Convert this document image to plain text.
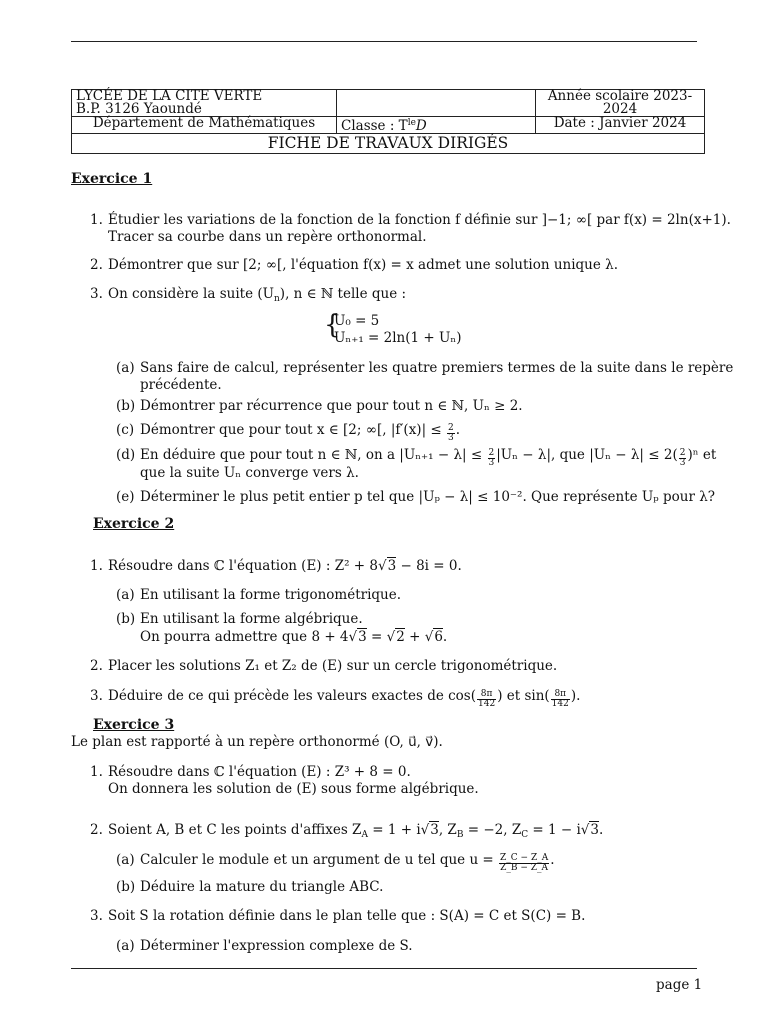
LYCÉE DE LA CITE VERTE
B.P. 3126 Yaoundé		Année scolaire 2023-2024
Département de Mathématiques	Classe : $T^{le}D$	Date : Janvier 2024
FICHE DE TRAVAUX DIRIGÉS		
Exercice 1
1. Étudier les variations de la fonction de la fonction f définie sur ]−1; ∞[ par f(x) = 2ln(x+1).
Tracer sa courbe dans un repère orthonormal.
2. Démontrer que sur [2; ∞[, l'équation f(x) = x admet une solution unique λ.
3. On considère la suite $(U_n)$, n ∈ ℕ telle que :
{
U₀ = 5
Uₙ₊₁ = 2ln(1 + Uₙ)
(a) Sans faire de calcul, représenter les quatre premiers termes de la suite dans le repère
précédente.
(b) Démontrer par récurrence que pour tout n ∈ ℕ, Uₙ ≥ 2.
(c) Démontrer que pour tout x ∈ [2; ∞[, $|f'(x)| \le \frac{2}{3}$ .
(d) En déduire que pour tout n ∈ ℕ, on a $|U_{n+1} - \lambda| \le \frac{2}{3} |U_n - \lambda|$, que $|U_n - \lambda| \le 2( \frac{2}{3} )^n$ et
que la suite Uₙ converge vers λ.
(e) Déterminer le plus petit entier p tel que |Uₚ − λ| ≤ 10⁻². Que représente Uₚ pour λ?
Exercice 2
1. Résoudre dans ℂ l'équation (E) : Z² + 8√3 − 8i = 0.
(a) En utilisant la forme trigonométrique.
(b) En utilisant la forme algébrique.
On pourra admettre que 8 + 4√3 = √2 + √6.
2. Placer les solutions Z₁ et Z₂ de (E) sur un cercle trigonométrique.
3. Déduire de ce qui précède les valeurs exactes de $\cos( \frac{8\pi}{142}$ ) et $\sin( \frac{8\pi}{142}$ ).
Exercice 3
Le plan est rapporté à un repère orthonormé (O, u⃗, v⃗).
1. Résoudre dans ℂ l'équation (E) : Z³ + 8 = 0.
On donnera les solution de (E) sous forme algébrique.
2. Soient A, B et C les points d'affixes $Z_A = 1 + i√3$, $Z_B = -2$, $Z_C = 1 - i√3$.
(a) Calculer le module et un argument de u tel que $u = \frac{Z\_C - Z\_A}{Z\_B - Z\_A}$ .
(b) Déduire la mature du triangle ABC.
3. Soit S la rotation définie dans le plan telle que : S(A) = C et S(C) = B.
(a) Déterminer l'expression complexe de S.
page 1
